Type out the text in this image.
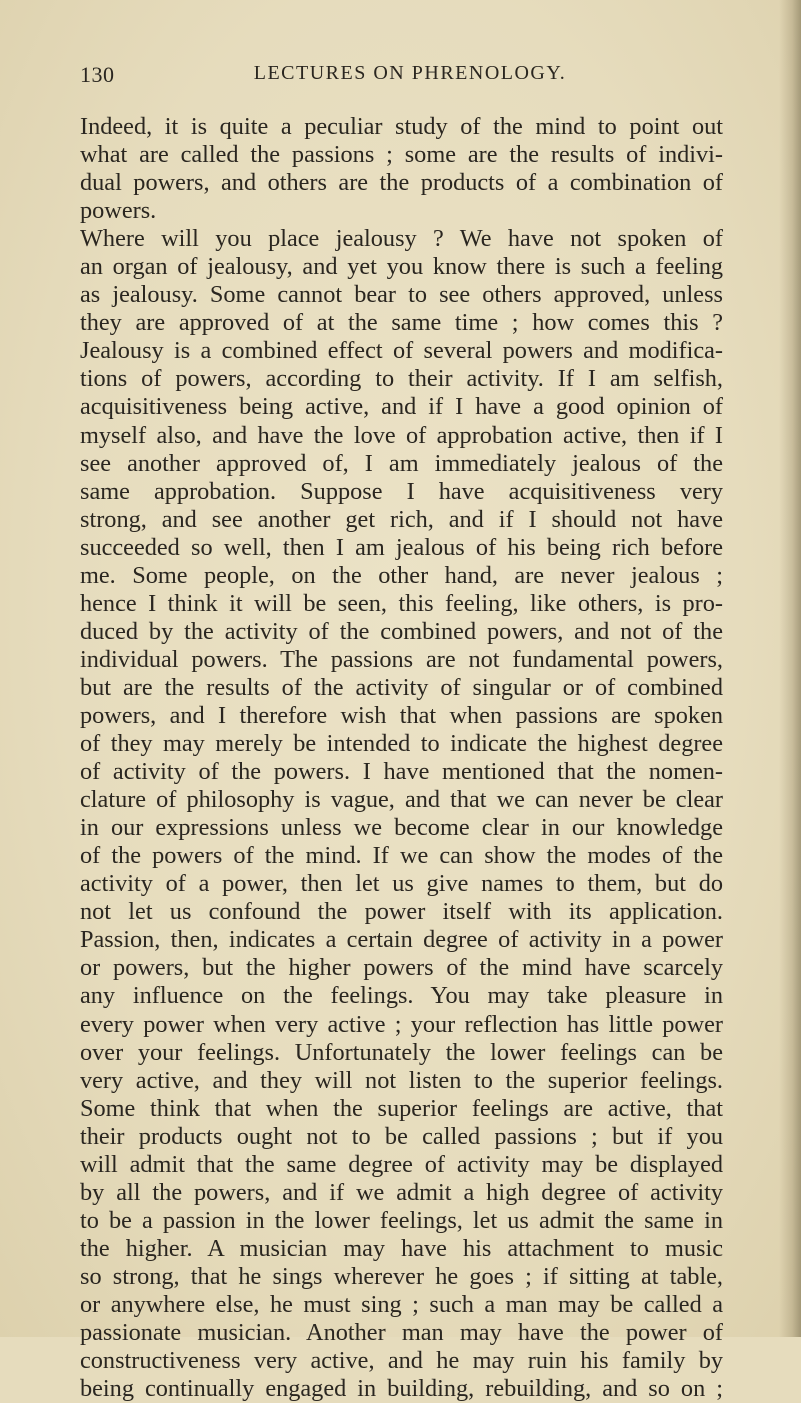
130	LECTURES ON PHRENOLOGY.
Indeed, it is quite a peculiar study of the mind to point out
what are called the passions ; some are the results of indivi-
dual powers, and others are the products of a combination of
powers.
Where will you place jealousy ? We have not spoken of
an organ of jealousy, and yet you know there is such a feeling
as jealousy. Some cannot bear to see others approved, unless
they are approved of at the same time ; how comes this ?
Jealousy is a combined effect of several powers and modifica-
tions of powers, according to their activity. If I am selfish,
acquisitiveness being active, and if I have a good opinion of
myself also, and have the love of approbation active, then if I
see another approved of, I am immediately jealous of the
same approbation. Suppose I have acquisitiveness very
strong, and see another get rich, and if I should not have
succeeded so well, then I am jealous of his being rich before
me. Some people, on the other hand, are never jealous ;
hence I think it will be seen, this feeling, like others, is pro-
duced by the activity of the combined powers, and not of the
individual powers. The passions are not fundamental powers,
but are the results of the activity of singular or of combined
powers, and I therefore wish that when passions are spoken
of they may merely be intended to indicate the highest degree
of activity of the powers. I have mentioned that the nomen-
clature of philosophy is vague, and that we can never be clear
in our expressions unless we become clear in our knowledge
of the powers of the mind. If we can show the modes of the
activity of a power, then let us give names to them, but do
not let us confound the power itself with its application.
Passion, then, indicates a certain degree of activity in a power
or powers, but the higher powers of the mind have scarcely
any influence on the feelings. You may take pleasure in
every power when very active ; your reflection has little power
over your feelings. Unfortunately the lower feelings can be
very active, and they will not listen to the superior feelings.
Some think that when the superior feelings are active, that
their products ought not to be called passions ; but if you
will admit that the same degree of activity may be displayed
by all the powers, and if we admit a high degree of activity
to be a passion in the lower feelings, let us admit the same in
the higher. A musician may have his attachment to music
so strong, that he sings wherever he goes ; if sitting at table,
or anywhere else, he must sing ; such a man may be called a
passionate musician. Another man may have the power of
constructiveness very active, and he may ruin his family by
being continually engaged in building, rebuilding, and so on ;
